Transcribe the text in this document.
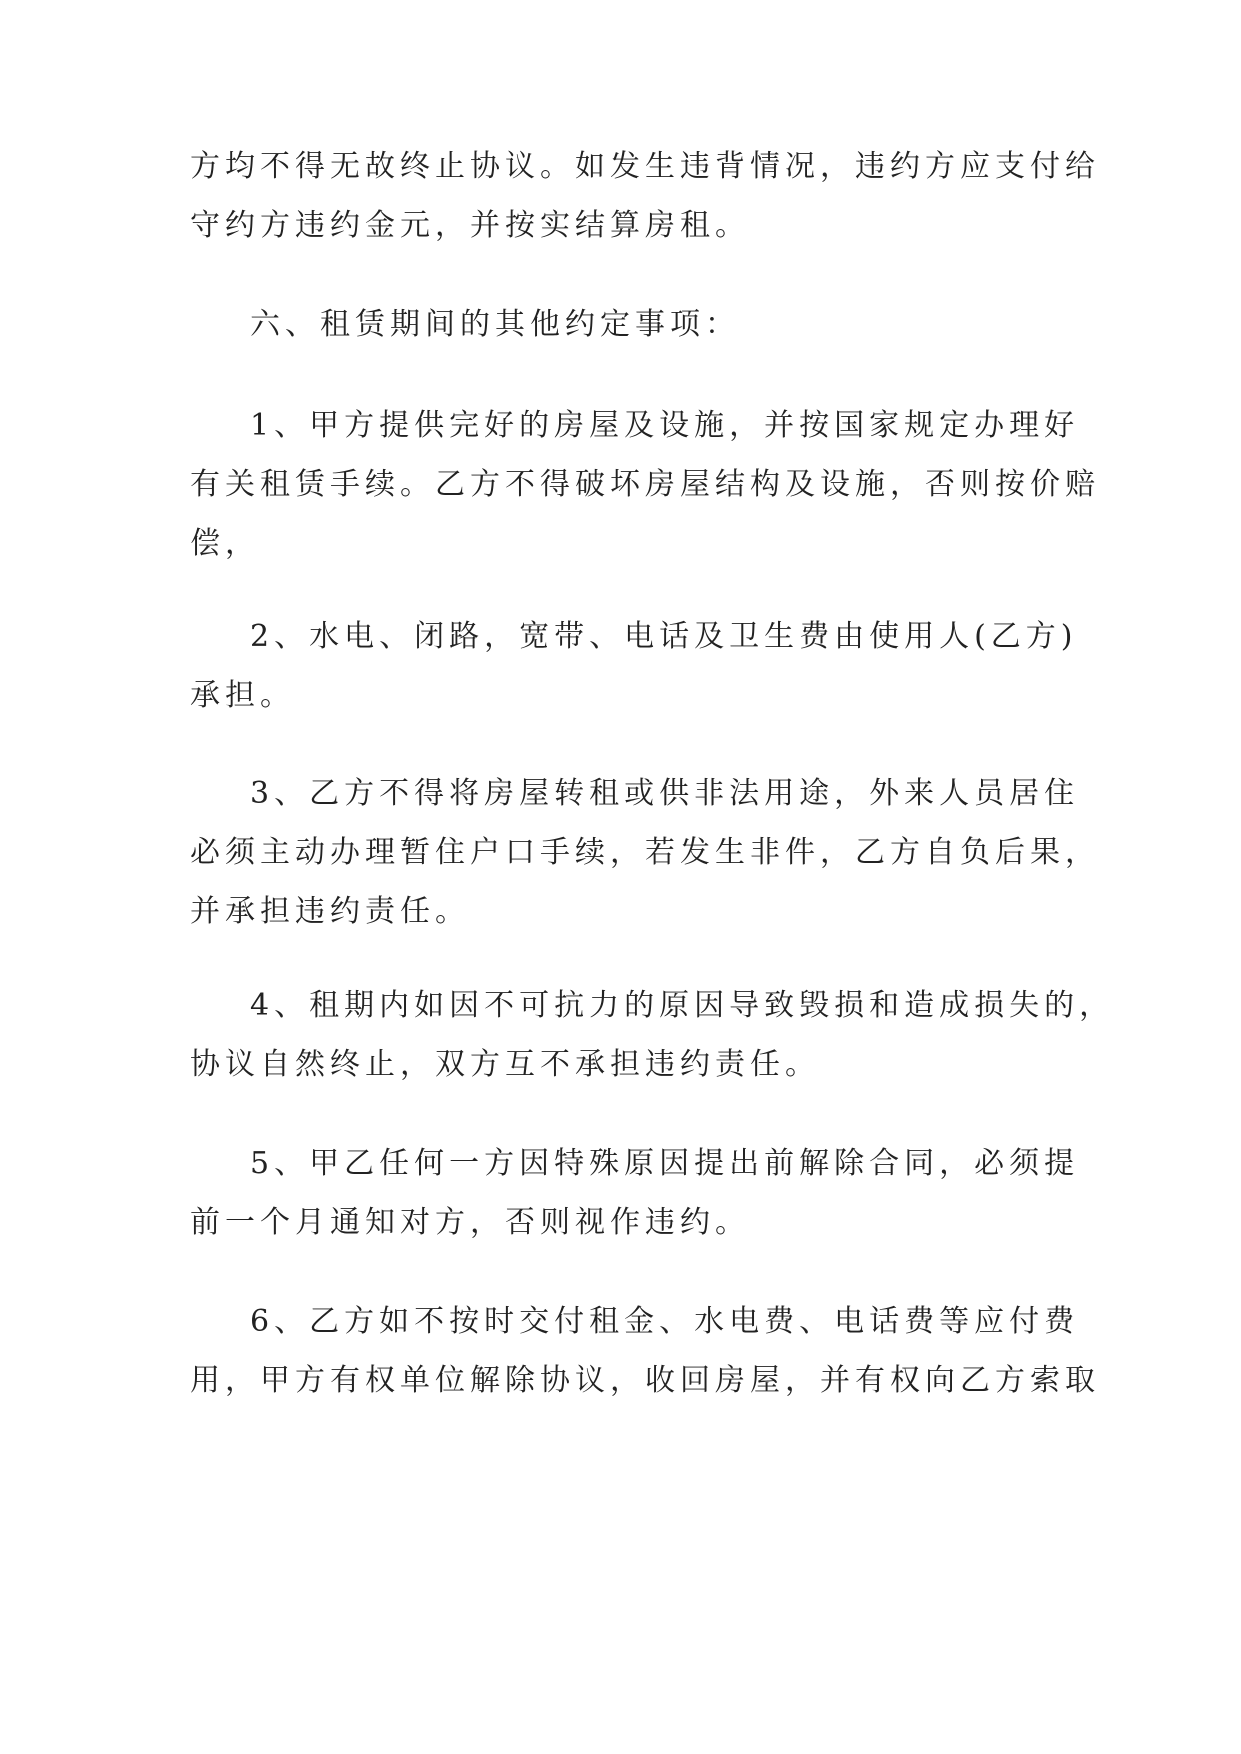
方均不得无故终止协议。如发生违背情况，违约方应支付给
守约方违约金元，并按实结算房租。

六、租赁期间的其他约定事项：

1、甲方提供完好的房屋及设施，并按国家规定办理好
有关租赁手续。乙方不得破坏房屋结构及设施，否则按价赔
偿，

2、水电、闭路，宽带、电话及卫生费由使用人(乙方)
承担。

3、乙方不得将房屋转租或供非法用途，外来人员居住
必须主动办理暂住户口手续，若发生非件，乙方自负后果，
并承担违约责任。

4、租期内如因不可抗力的原因导致毁损和造成损失的，
协议自然终止，双方互不承担违约责任。

5、甲乙任何一方因特殊原因提出前解除合同，必须提
前一个月通知对方，否则视作违约。

6、乙方如不按时交付租金、水电费、电话费等应付费
用，甲方有权单位解除协议，收回房屋，并有权向乙方索取
